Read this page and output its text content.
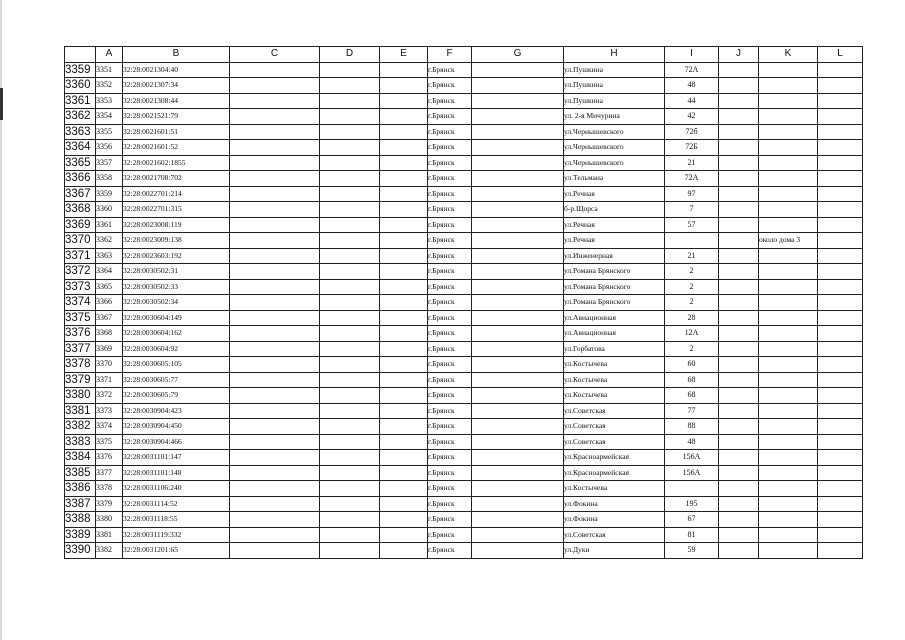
	A	B	C	D	E	F	G	H	I	J	K	L
3359	3351	32:28:0021304:40				г.Брянск		ул.Пушкина	72А			
3360	3352	32:28:0021307:34				г.Брянск		ул.Пушкина	48			
3361	3353	32:28:0021308:44				г.Брянск		ул.Пушкина	44			
3362	3354	32:28:0021521:79				г.Брянск		ул. 2-я Мичурина	42			
3363	3355	32:28:0021601:51				г.Брянск		ул.Чернышевского	72б			
3364	3356	32:28:0021601:52				г.Брянск		ул.Чернышевского	72Б			
3365	3357	32:28:0021602:1855				г.Брянск		ул.Чернышевского	21			
3366	3358	32:28:0021708:702				г.Брянск		ул.Тельмана	72А			
3367	3359	32:28:0022701:214				г.Брянск		ул.Речная	97			
3368	3360	32:28:0022701:315				г.Брянск		б-р.Щорса	7			
3369	3361	32:28:0023008:119				г.Брянск		ул.Речная	57			
3370	3362	32:28:0023009:138				г.Брянск		ул.Речная			около дома 3	
3371	3363	32:28:0023603:192				г.Брянск		ул.Инженерная	21			
3372	3364	32:28:0030502:31				г.Брянск		ул.Романа Брянского	2			
3373	3365	32:28:0030502:33				г.Брянск		ул.Романа Брянского	2			
3374	3366	32:28:0030502:34				г.Брянск		ул.Романа Брянского	2			
3375	3367	32:28:0030604:149				г.Брянск		ул.Авиационная	28			
3376	3368	32:28:0030604:162				г.Брянск		ул.Авиационная	12А			
3377	3369	32:28:0030604:92				г.Брянск		ул.Горбатова	2			
3378	3370	32:28:0030605:105				г.Брянск		ул.Костычева	60			
3379	3371	32:28:0030605:77				г.Брянск		ул.Костычева	68			
3380	3372	32:28:0030605:79				г.Брянск		ул.Костычева	68			
3381	3373	32:28:0030904:423				г.Брянск		ул.Советская	77			
3382	3374	32:28:0030904:450				г.Брянск		ул.Советская	88			
3383	3375	32:28:0030904:466				г.Брянск		ул.Советская	48			
3384	3376	32:28:0031101:147				г.Брянск		ул.Красноармейская	156А			
3385	3377	32:28:0031101:148				г.Брянск		ул.Красноармейская	156А			
3386	3378	32:28:0031106:240				г.Брянск		ул.Костычева				
3387	3379	32:28:0031114:52				г.Брянск		ул.Фокина	195			
3388	3380	32:28:0031118:55				г.Брянск		ул.Фокина	67			
3389	3381	32:28:0031119:332				г.Брянск		ул.Советская	81			
3390	3382	32:28:0031201:65				г.Брянск		ул.Дуки	59			
